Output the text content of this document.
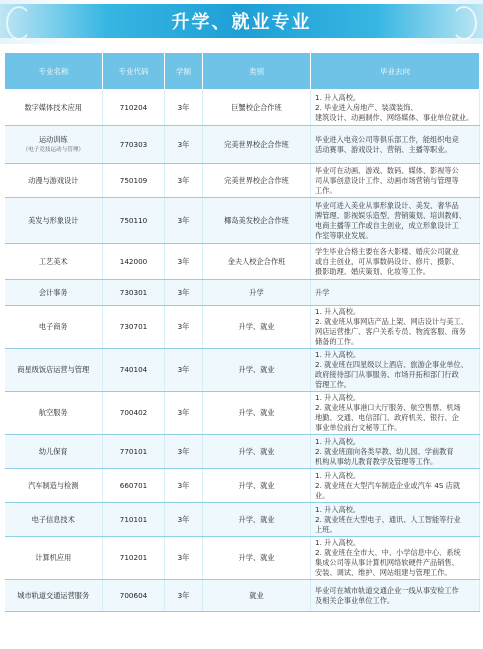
升学、就业专业
专业名称	专业代码	学制	类别	毕业去向

数字媒体技术应用	710204	3年	巨蟹校企合作班	1. 升入高校。
2. 毕业进入房地产、装潢装饰、
建筑设计、动画制作、网络媒体、事业单位就业。

运动训练
（电子竞技运动与管理）	770303	3年	完美世界校企合作班	毕业进入电竞公司等俱乐部工作，能组织电竞
活动赛事、游戏设计、营销、主播等职业。

动漫与游戏设计	750109	3年	完美世界校企合作班	毕业可在动画、游戏、数码、媒体、影视等公
司从事创意设计工作、动画市场营销与管理等
工作。

美发与形象设计	750110	3年	椰岛美发校企合作班	毕业可进入美业从事形象设计、美发、奢华品
牌管理、影视娱乐造型、营销策划、培训教师、
电商主播等工作或自主创业，成立形象设计工
作室等职业发展。

工艺美术	142000	3年	金夫人校企合作班	学生毕业合格主要在各大影楼、婚庆公司就业
或自主创业，可从事数码设计、修片、摄影、
摄影助理、婚庆策划、化妆等工作。

会计事务	730301	3年	升学	升学

电子商务	730701	3年	升学、就业	1. 升入高校。
2. 就业班从事网店产品上架、网店设计与美工、
网店运营推广、客户关系专员、物流客服、商务
储备的工作。

商星级饭店运营与管理	740104	3年	升学、就业	1. 升入高校。
2. 就业班在四星级以上酒店、旅游企事业单位、
政府接待部门从事服务、市场开拓和部门行政
管理工作。

航空服务	700402	3年	升学、就业	1. 升入高校。
2. 就业班从事港口大厅服务、航空售票、机场
地勤、交通、电信部门、政府机关、银行、企
事业单位前台文秘等工作。

幼儿保育	770101	3年	升学、就业	1. 升入高校。
2. 就业班面向各类早教、幼儿园、学前教育
机构从事幼儿教育教学及管理等工作。

汽车制造与检测	660701	3年	升学、就业	1. 升入高校。
2. 就业班在大型汽车制造企业或汽车 4S 店就
业。

电子信息技术	710101	3年	升学、就业	1. 升入高校。
2. 就业班在大型电子、通讯、人工智能等行业
上班。

计算机应用	710201	3年	升学、就业	1. 升入高校。
2. 就业班在全市大、中、小学信息中心、系统
集成公司等从事计算机网络软硬件产品销售、
安装、调试、维护、网站组建与管理工作。

城市轨道交通运营服务	700604	3年	就业	毕业可在城市轨道交通企业一线从事安检工作
及相关企事业单位工作。
